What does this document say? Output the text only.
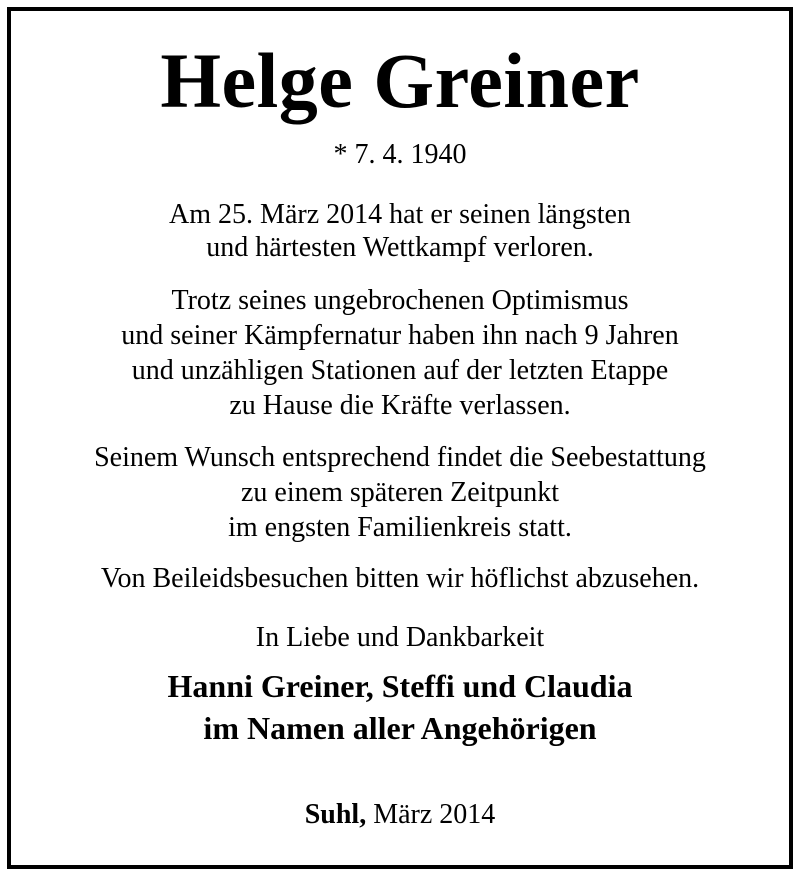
Helge Greiner
* 7. 4. 1940
Am 25. März 2014 hat er seinen längsten
und härtesten Wettkampf verloren.
Trotz seines ungebrochenen Optimismus
und seiner Kämpfernatur haben ihn nach 9 Jahren
und unzähligen Stationen auf der letzten Etappe
zu Hause die Kräfte verlassen.
Seinem Wunsch entsprechend findet die Seebestattung
zu einem späteren Zeitpunkt
im engsten Familienkreis statt.
Von Beileidsbesuchen bitten wir höflichst abzusehen.
In Liebe und Dankbarkeit
Hanni Greiner, Steffi und Claudia
im Namen aller Angehörigen
Suhl, März 2014
